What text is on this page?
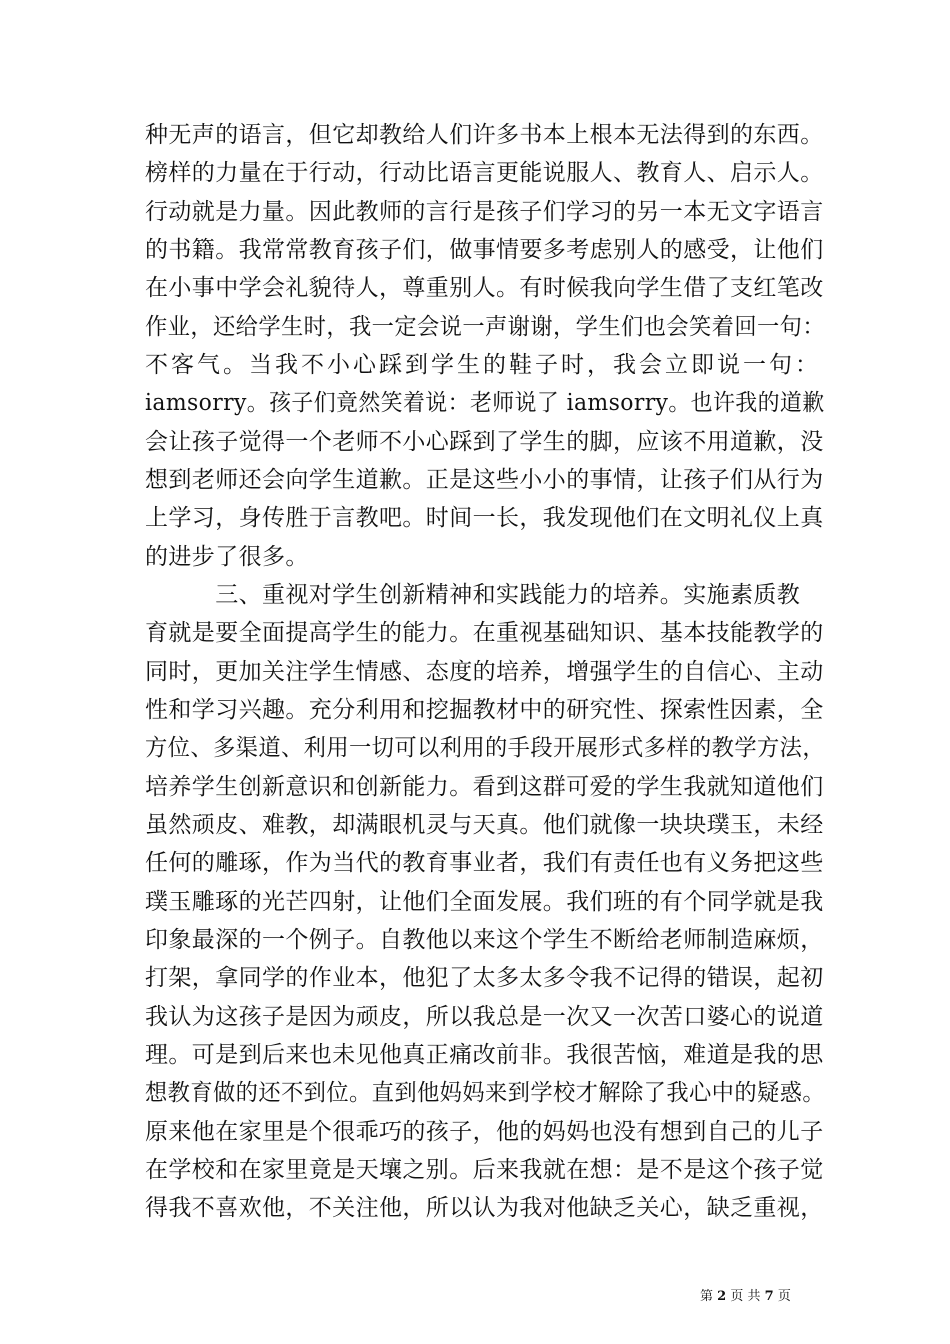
种无声的语言，但它却教给人们许多书本上根本无法得到的东西。
榜样的力量在于行动，行动比语言更能说服人、教育人、启示人。
行动就是力量。因此教师的言行是孩子们学习的另一本无文字语言
的书籍。我常常教育孩子们，做事情要多考虑别人的感受，让他们
在小事中学会礼貌待人，尊重别人。有时候我向学生借了支红笔改
作业，还给学生时，我一定会说一声谢谢，学生们也会笑着回一句：
不客气。当我不小心踩到学生的鞋子时，我会立即说一句：
iamsorry。孩子们竟然笑着说：老师说了 iamsorry。也许我的道歉
会让孩子觉得一个老师不小心踩到了学生的脚，应该不用道歉，没
想到老师还会向学生道歉。正是这些小小的事情，让孩子们从行为
上学习，身传胜于言教吧。时间一长，我发现他们在文明礼仪上真
的进步了很多。
　　　三、重视对学生创新精神和实践能力的培养。实施素质教
育就是要全面提高学生的能力。在重视基础知识、基本技能教学的
同时，更加关注学生情感、态度的培养，增强学生的自信心、主动
性和学习兴趣。充分利用和挖掘教材中的研究性、探索性因素，全
方位、多渠道、利用一切可以利用的手段开展形式多样的教学方法，
培养学生创新意识和创新能力。看到这群可爱的学生我就知道他们
虽然顽皮、难教，却满眼机灵与天真。他们就像一块块璞玉，未经
任何的雕琢，作为当代的教育事业者，我们有责任也有义务把这些
璞玉雕琢的光芒四射，让他们全面发展。我们班的有个同学就是我
印象最深的一个例子。自教他以来这个学生不断给老师制造麻烦，
打架，拿同学的作业本，他犯了太多太多令我不记得的错误，起初
我认为这孩子是因为顽皮，所以我总是一次又一次苦口婆心的说道
理。可是到后来也未见他真正痛改前非。我很苦恼，难道是我的思
想教育做的还不到位。直到他妈妈来到学校才解除了我心中的疑惑。
原来他在家里是个很乖巧的孩子，他的妈妈也没有想到自己的儿子
在学校和在家里竟是天壤之别。后来我就在想：是不是这个孩子觉
得我不喜欢他，不关注他，所以认为我对他缺乏关心，缺乏重视，
第 2 页 共 7 页
